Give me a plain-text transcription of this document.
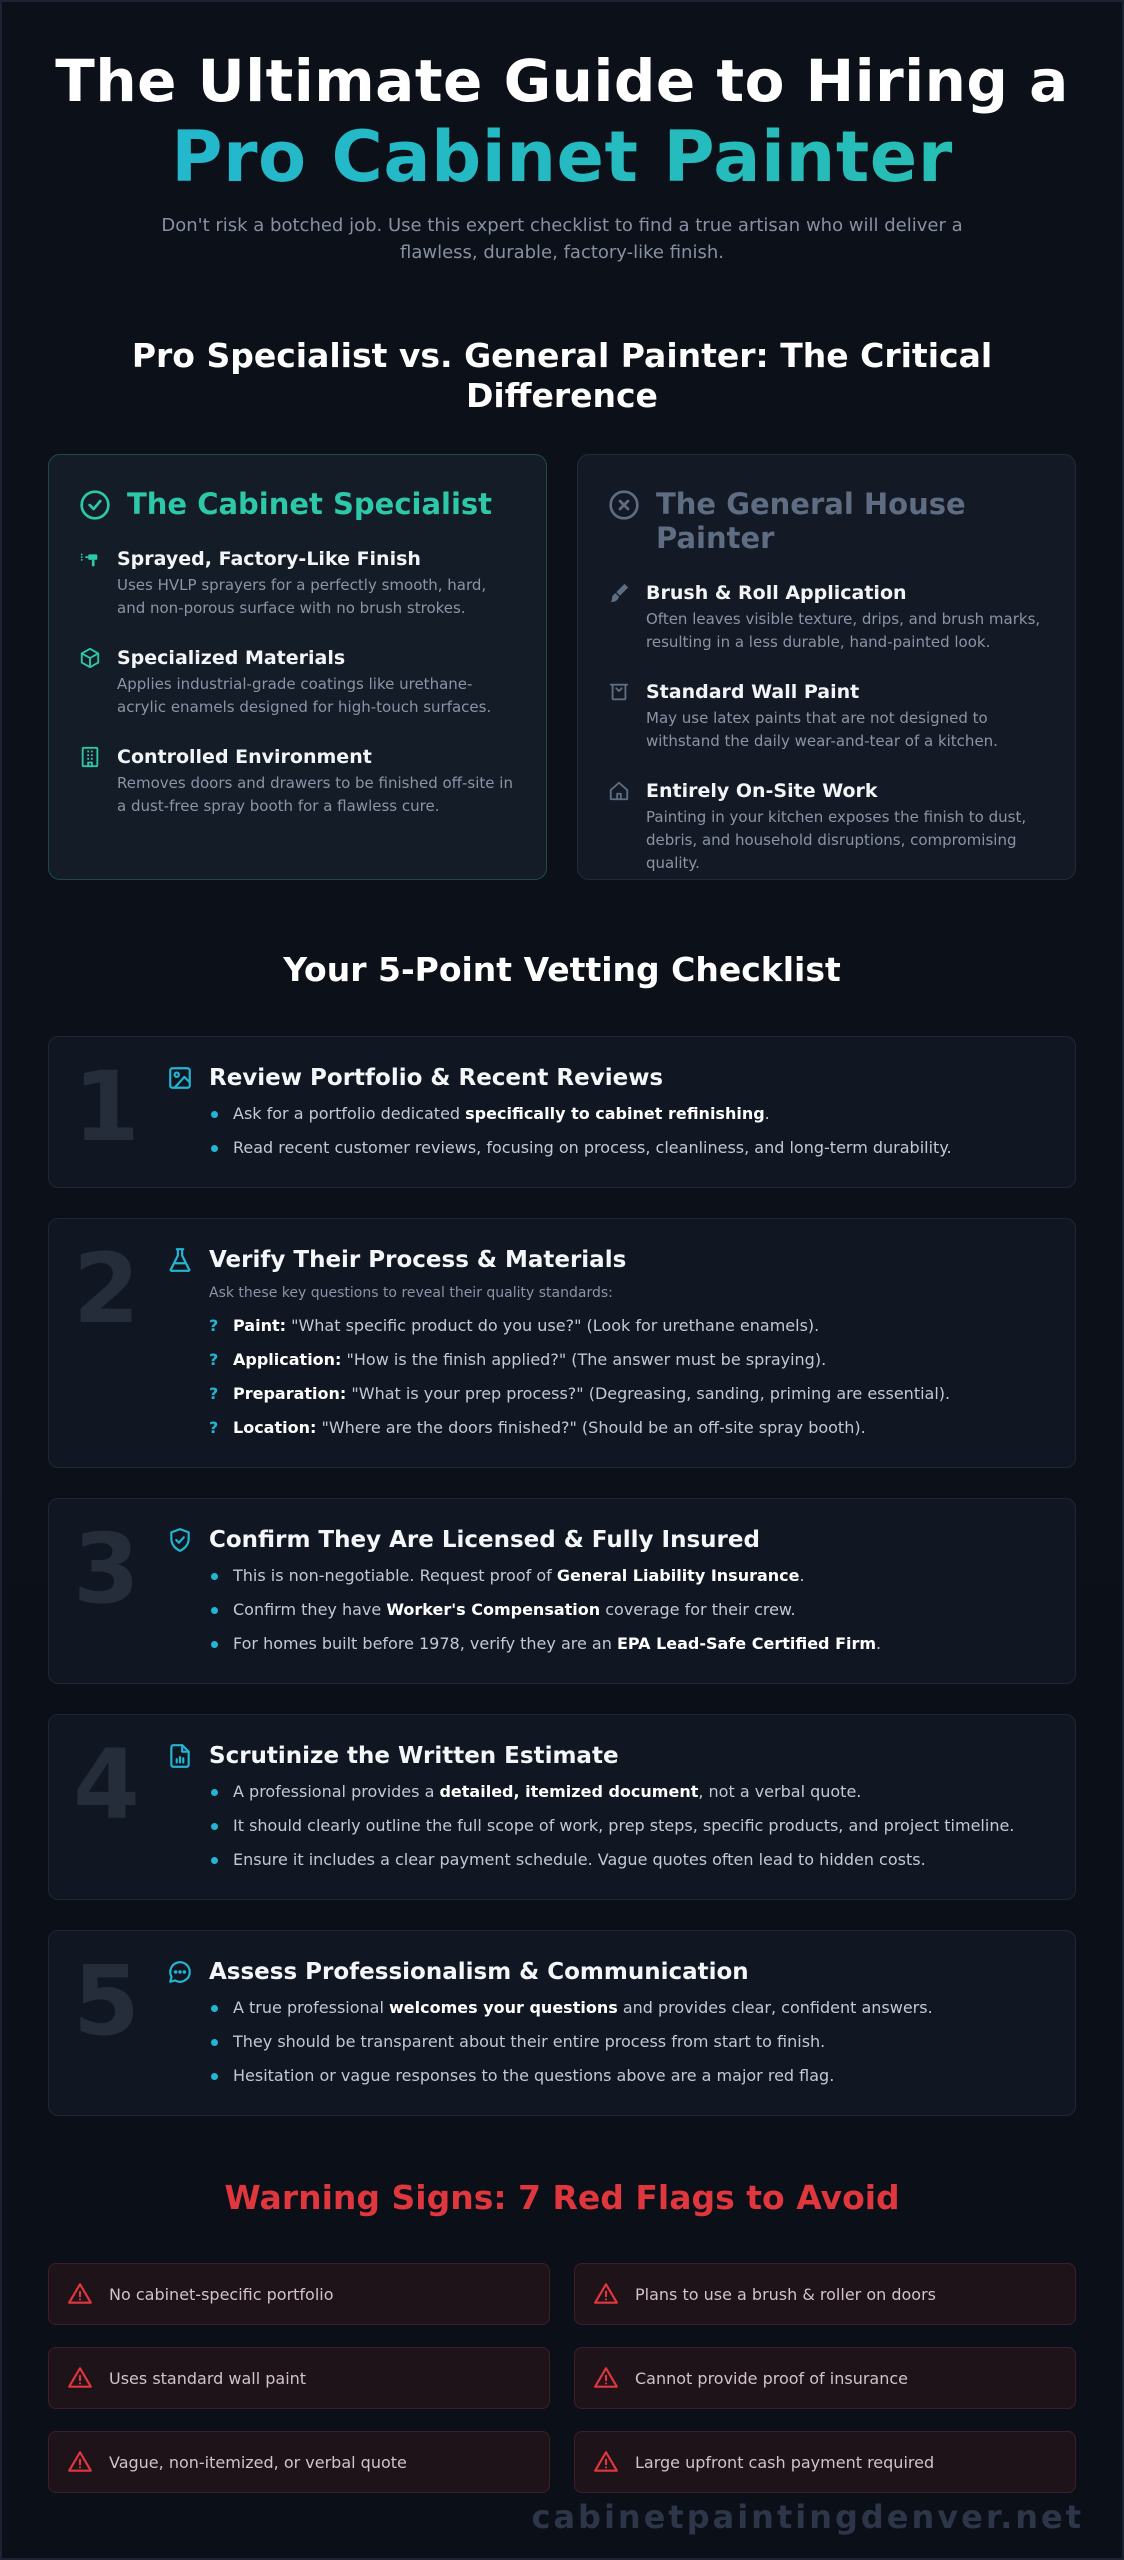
The Ultimate Guide to Hiring a
Pro Cabinet Painter

Don't risk a botched job. Use this expert checklist to find a true artisan who will deliver a flawless, durable, factory-like finish.

Pro Specialist vs. General Painter: The Critical Difference
The Cabinet Specialist
Sprayed, Factory-Like Finish

Uses HVLP sprayers for a perfectly smooth, hard, and non-porous surface with no brush strokes.

Specialized Materials

Applies industrial-grade coatings like urethane-acrylic enamels designed for high-touch surfaces.

Controlled Environment

Removes doors and drawers to be finished off-site in a dust-free spray booth for a flawless cure.

The General House Painter
Brush & Roll Application

Often leaves visible texture, drips, and brush marks, resulting in a less durable, hand-painted look.

Standard Wall Paint

May use latex paints that are not designed to withstand the daily wear-and-tear of a kitchen.

Entirely On-Site Work

Painting in your kitchen exposes the finish to dust, debris, and household disruptions, compromising quality.

Your 5-Point Vetting Checklist
1	Review Portfolio & Recent Reviews
Ask for a portfolio dedicated specifically to cabinet refinishing.
Read recent customer reviews, focusing on process, cleanliness, and long-term durability.
2	Verify Their Process & Materials
Ask these key questions to reveal their quality standards:
? Paint: "What specific product do you use?" (Look for urethane enamels).
? Application: "How is the finish applied?" (The answer must be spraying).
? Preparation: "What is your prep process?" (Degreasing, sanding, priming are essential).
? Location: "Where are the doors finished?" (Should be an off-site spray booth).
3	Confirm They Are Licensed & Fully Insured
This is non-negotiable. Request proof of General Liability Insurance.
Confirm they have Worker's Compensation coverage for their crew.
For homes built before 1978, verify they are an EPA Lead-Safe Certified Firm.
4	Scrutinize the Written Estimate
A professional provides a detailed, itemized document, not a verbal quote.
It should clearly outline the full scope of work, prep steps, specific products, and project timeline.
Ensure it includes a clear payment schedule. Vague quotes often lead to hidden costs.
5	Assess Professionalism & Communication
A true professional welcomes your questions and provides clear, confident answers.
They should be transparent about their entire process from start to finish.
Hesitation or vague responses to the questions above are a major red flag.
Warning Signs: 7 Red Flags to Avoid
No cabinet-specific portfolio	Plans to use a brush & roller on doors
Uses standard wall paint	Cannot provide proof of insurance
Vague, non-itemized, or verbal quote	Large upfront cash payment required
cabinetpaintingdenver.net
